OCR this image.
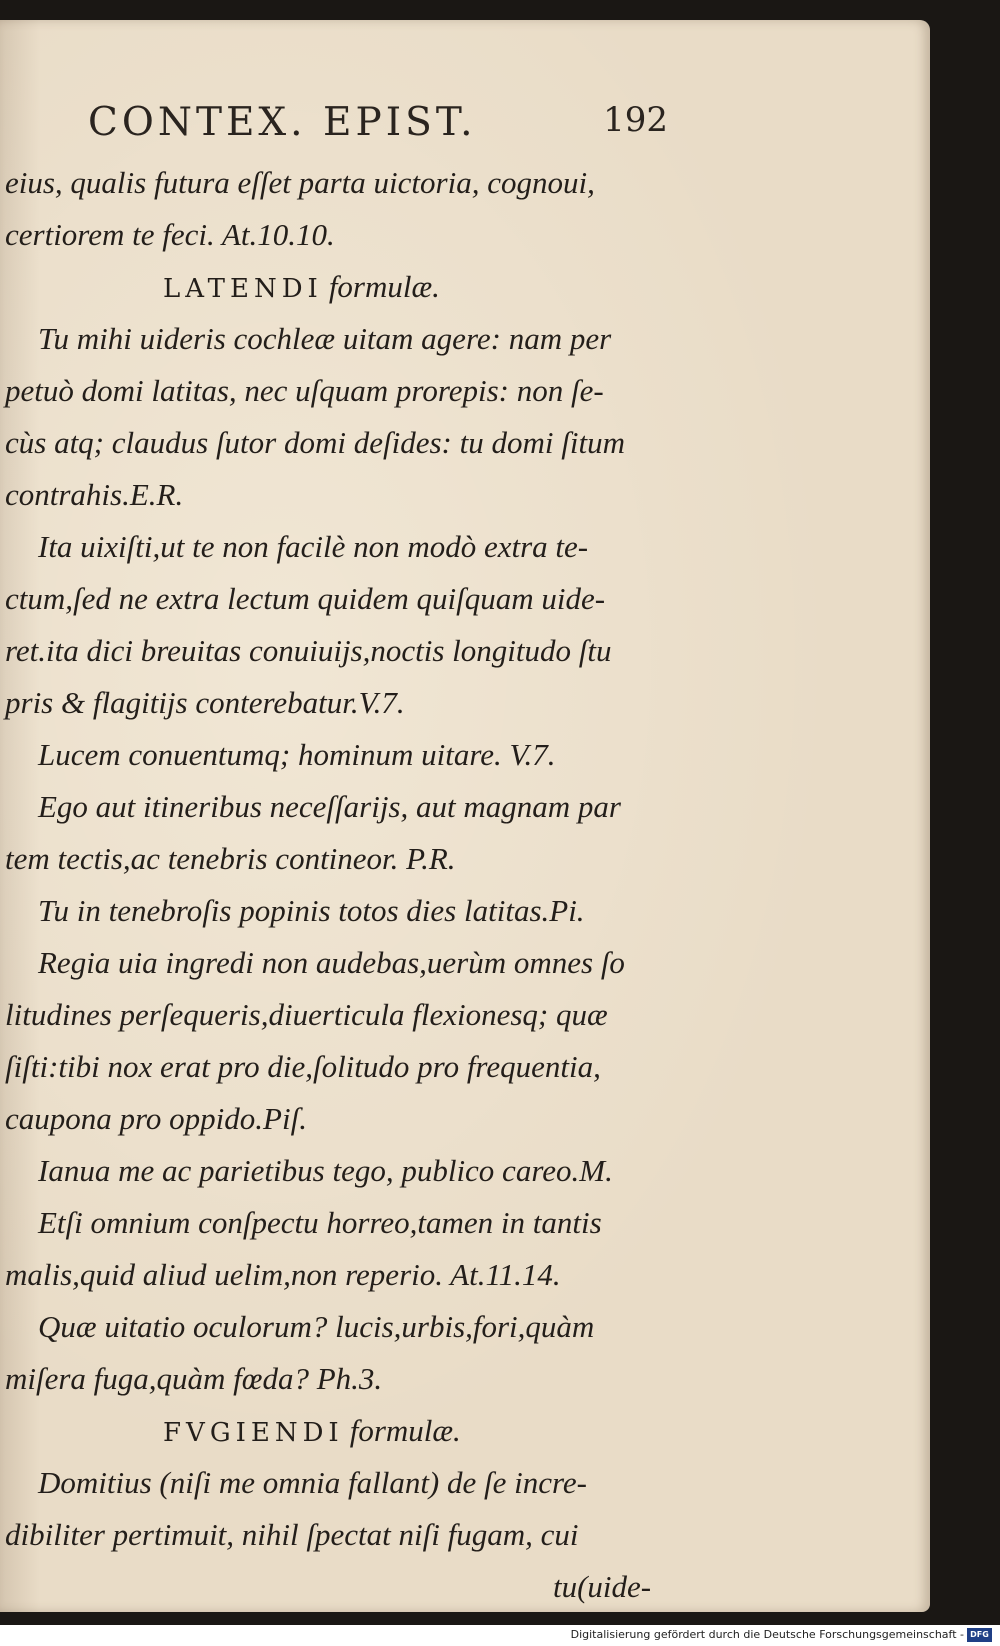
CONTEX. EPIST.	192
eius, qualis futura eſſet parta uictoria, cognoui,
certiorem te feci. At.10.10.
LATENDI formulæ.
Tu mihi uideris cochleæ uitam agere: nam per
petuò domi latitas, nec uſquam prorepis: non ſe-
cùs atq; claudus ſutor domi deſides: tu domi ſitum
contrahis.E.R.
Ita uixiſti,ut te non facilè non modò extra te-
ctum,ſed ne extra lectum quidem quiſquam uide-
ret.ita dici breuitas conuiuijs,noctis longitudo ſtu
pris & flagitijs conterebatur.V.7.
Lucem conuentumq; hominum uitare. V.7.
Ego aut itineribus neceſſarijs, aut magnam par
tem tectis,ac tenebris contineor. P.R.
Tu in tenebroſis popinis totos dies latitas.Pi.
Regia uia ingredi non audebas,uerùm omnes ſo
litudines perſequeris,diuerticula flexionesq; quæ
ſiſti:tibi nox erat pro die,ſolitudo pro frequentia,
caupona pro oppido.Piſ.
Ianua me ac parietibus tego, publico careo.M.
Etſi omnium conſpectu horreo,tamen in tantis
malis,quid aliud uelim,non reperio. At.11.14.
Quæ uitatio oculorum? lucis,urbis,fori,quàm
miſera fuga,quàm fœda? Ph.3.
FVGIENDI formulæ.
Domitius (niſi me omnia fallant) de ſe incre-
dibiliter pertimuit, nihil ſpectat niſi fugam, cui
tu(uide-
Digitalisierung gefördert durch die Deutsche Forschungsgemeinschaft - DFG
